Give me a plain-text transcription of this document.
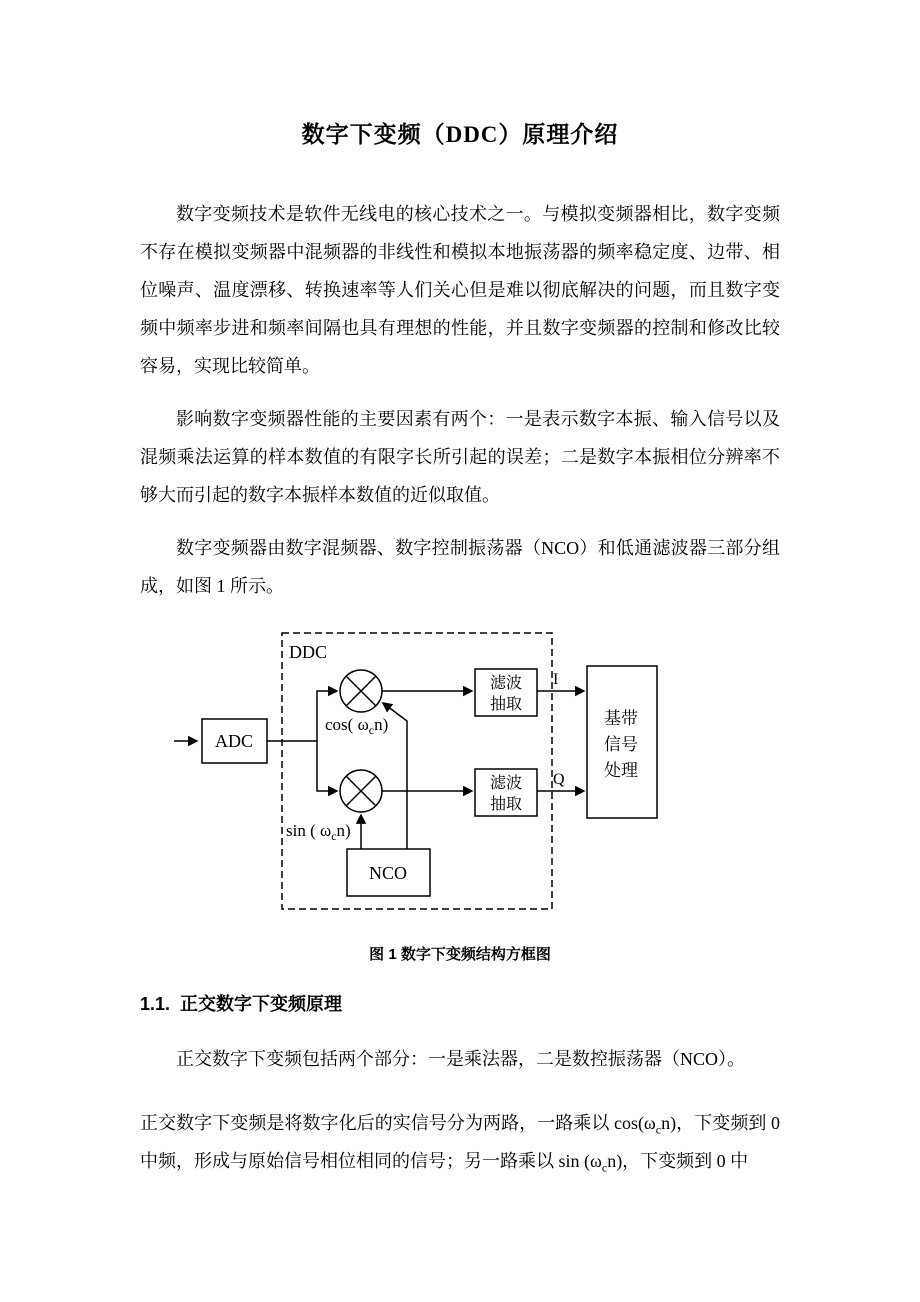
数字下变频（DDC）原理介绍

数字变频技术是软件无线电的核心技术之一。与模拟变频器相比，数字变频不存在模拟变频器中混频器的非线性和模拟本地振荡器的频率稳定度、边带、相位噪声、温度漂移、转换速率等人们关心但是难以彻底解决的问题，而且数字变频中频率步进和频率间隔也具有理想的性能，并且数字变频器的控制和修改比较容易，实现比较简单。

影响数字变频器性能的主要因素有两个：一是表示数字本振、输入信号以及混频乘法运算的样本数值的有限字长所引起的误差；二是数字本振相位分辨率不够大而引起的数字本振样本数值的近似取值。

数字变频器由数字混频器、数字控制振荡器（NCO）和低通滤波器三部分组成，如图 1 所示。

DDC
ADC
cos( $\omega_cn$)
sin ( $\omega_cn$)
滤波
抽取
滤波
抽取
I
Q
基带
信号
处理
NCO
图 1 数字下变频结构方框图
1.1. 正交数字下变频原理

正交数字下变频包括两个部分：一是乘法器，二是数控振荡器（NCO）。

正交数字下变频是将数字化后的实信号分为两路，一路乘以 $\cos(\omega_cn)$，下变频到 0 中频，形成与原始信号相位相同的信号；另一路乘以 $\sin (\omega_cn)$，下变频到 0 中
